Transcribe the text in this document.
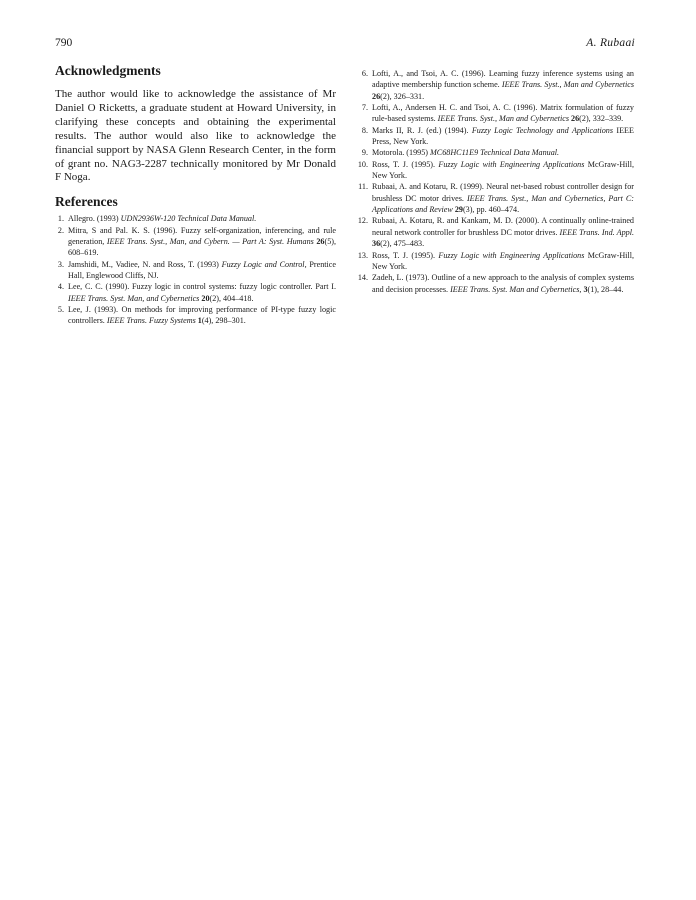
790	A. Rubaai
Acknowledgments

The author would like to acknowledge the assistance of Mr Daniel O Ricketts, a graduate student at Howard University, in clarifying these concepts and obtaining the experimental results. The author would also like to acknowledge the financial support by NASA Glenn Research Center, in the form of grant no. NAG3-2287 technically monitored by Mr Donald F Noga.

References
1. Allegro. (1993) UDN2936W-120 Technical Data Manual.
2. Mitra, S and Pal. K. S. (1996). Fuzzy self-organization, inferencing, and rule generation, IEEE Trans. Syst., Man, and Cybern. — Part A: Syst. Humans 26(5), 608–619.
3. Jamshidi, M., Vadiee, N. and Ross, T. (1993) Fuzzy Logic and Control, Prentice Hall, Englewood Cliffs, NJ.
4. Lee, C. C. (1990). Fuzzy logic in control systems: fuzzy logic controller. Part I. IEEE Trans. Syst. Man, and Cybernetics 20(2), 404–418.
5. Lee, J. (1993). On methods for improving performance of PI-type fuzzy logic controllers. IEEE Trans. Fuzzy Systems 1(4), 298–301.
6. Lofti, A., and Tsoi, A. C. (1996). Learning fuzzy inference systems using an adaptive membership function scheme. IEEE Trans. Syst., Man and Cybernetics 26(2), 326–331.
7. Lofti, A., Andersen H. C. and Tsoi, A. C. (1996). Matrix formulation of fuzzy rule-based systems. IEEE Trans. Syst., Man and Cybernetics 26(2), 332–339.
8. Marks II, R. J. (ed.) (1994). Fuzzy Logic Technology and Applications IEEE Press, New York.
9. Motorola. (1995) MC68HC11E9 Technical Data Manual.
10. Ross, T. J. (1995). Fuzzy Logic with Engineering Applications McGraw-Hill, New York.
11. Rubaai, A. and Kotaru, R. (1999). Neural net-based robust controller design for brushless DC motor drives. IEEE Trans. Syst., Man and Cybernetics, Part C: Applications and Review 29(3), pp. 460–474.
12. Rubaai, A. Kotaru, R. and Kankam, M. D. (2000). A continually online-trained neural network controller for brushless DC motor drives. IEEE Trans. Ind. Appl. 36(2), 475–483.
13. Ross, T. J. (1995). Fuzzy Logic with Engineering Applications McGraw-Hill, New York.
14. Zadeh, L. (1973). Outline of a new approach to the analysis of complex systems and decision processes. IEEE Trans. Syst. Man and Cybernetics, 3(1), 28–44.
